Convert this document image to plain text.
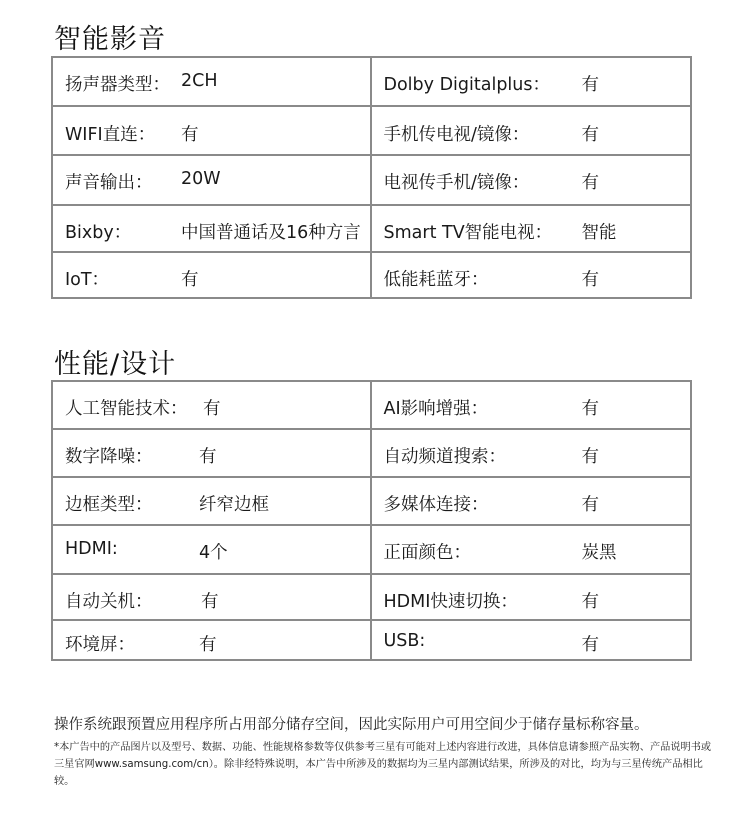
智能影音
扬声器类型： 2CH	Dolby Digitalplus： 有
WIFI直连： 有	手机传电视/镜像：	有
声音输出： 20W	电视传手机/镜像：	有
Bixby：	中国普通话及16种方言 Smart TV智能电视： 智能
IoT：	有	低能耗蓝牙：	有
性能/设计
人工智能技术： 有	AI影响增强：	有
数字降噪：	有	自动频道搜索：	有
边框类型：	纤窄边框	多媒体连接：	有
HDMI:	4个	正面颜色：	炭黑
自动关机：	有	HDMI快速切换：	有
环境屏：	有	USB:	有
操作系统跟预置应用程序所占用部分储存空间，因此实际用户可用空间少于储存量标称容量。
*本广告中的产品图片以及型号、数据、功能、性能规格参数等仅供参考三星有可能对上述内容进行改进，具体信息请参照产品实物、产品说明书或三星官网www.samsung.com/cn）。除非经特殊说明，本广告中所涉及的数据均为三星内部测试结果，所涉及的对比，均为与三星传统产品相比较。
